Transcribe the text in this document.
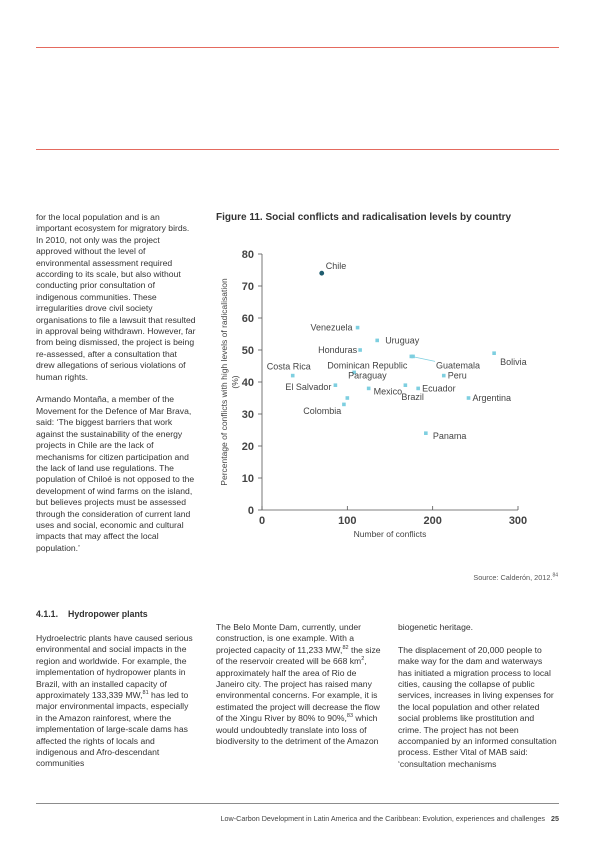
for the local population and is an important ecosystem for migratory birds. In 2010, not only was the project approved without the level of environmental assessment required according to its scale, but also without conducting prior consultation of indigenous communities. These irregularities drove civil society organisations to file a lawsuit that resulted in approval being withdrawn. However, far from being dismissed, the project is being re-assessed, after a consultation that drew allegations of serious violations of human rights.

Armando Montaña, a member of the Movement for the Defence of Mar Brava, said: ‘The biggest barriers that work against the sustainability of the energy projects in Chile are the lack of mechanisms for citizen participation and the lack of land use regulations. The population of Chiloé is not opposed to the development of wind farms on the island, but believes projects must be assessed through the consideration of current land uses and social, economic and cultural impacts that may affect the local population.’

Figure 11. Social conflicts and radicalisation levels by country
0
10
20
30
40
50
60
70
80
0	100	200	300
Number of conflicts
Percentage of conflicts with high levels of radicalisation (%)
Chile
Venezuela
Uruguay
Honduras
Dominican Republic	Guatemala Bolivia
Costa Rica
Paraguay	Peru
El Salvador	Ecuador
Mexico
Brazil	Argentina
Colombia
Panama
Source: Calderón, 2012.84
4.1.1. Hydropower plants

Hydroelectric plants have caused serious environmental and social impacts in the region and worldwide. For example, the implementation of hydropower plants in Brazil, with an installed capacity of approximately 133,339 MW,$^{81}$ has led to major environmental impacts, especially in the Amazon rainforest, where the implementation of large-scale dams has affected the rights of locals and indigenous and Afro-descendant communities

The Belo Monte Dam, currently, under construction, is one example. With a projected capacity of 11,233 MW,$^{82}$ the size of the reservoir created will be 668 $km^2$, approximately half the area of Rio de Janeiro city. The project has raised many environmental concerns. For example, it is estimated the project will decrease the flow of the Xingu River by 80% to 90%,$^{83}$ which would undoubtedly translate into loss of biodiversity to the detriment of the Amazon

biogenetic heritage.

The displacement of 20,000 people to make way for the dam and waterways has initiated a migration process to local cities, causing the collapse of public services, increases in living expenses for the local population and other related social problems like prostitution and crime. The project has not been accompanied by an informed consultation process. Esther Vital of MAB said: ‘consultation mechanisms

Low-Carbon Development in Latin America and the Caribbean: Evolution, experiences and challenges 25
